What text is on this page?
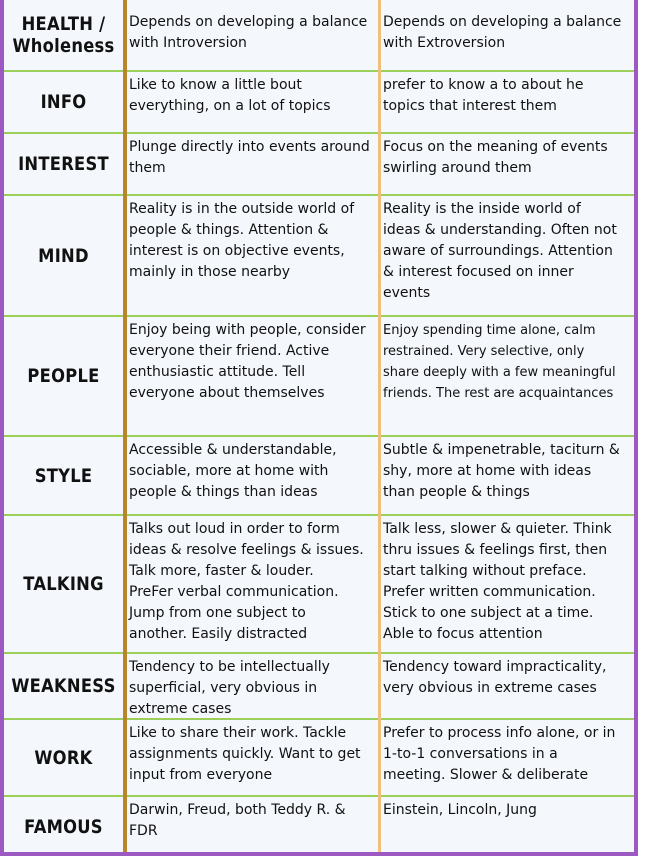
HEALTH /
Wholeness
Depends on developing a balance
with Introversion
Depends on developing a balance
with Extroversion
INFO
Like to know a little bout
everything, on a lot of topics
prefer to know a to about he
topics that interest them
INTEREST
Plunge directly into events around
them
Focus on the meaning of events
swirling around them
MIND
Reality is in the outside world of
people & things. Attention &
interest is on objective events,
mainly in those nearby
Reality is the inside world of
ideas & understanding. Often not
aware of surroundings. Attention
& interest focused on inner
events
PEOPLE
Enjoy being with people, consider
everyone their friend. Active
enthusiastic attitude. Tell
everyone about themselves
Enjoy spending time alone, calm
restrained. Very selective, only
share deeply with a few meaningful
friends. The rest are acquaintances
STYLE
Accessible & understandable,
sociable, more at home with
people & things than ideas
Subtle & impenetrable, taciturn &
shy, more at home with ideas
than people & things
TALKING
Talks out loud in order to form
ideas & resolve feelings & issues.
Talk more, faster & louder.
PreFer verbal communication.
Jump from one subject to
another. Easily distracted
Talk less, slower & quieter. Think
thru issues & feelings first, then
start talking without preface.
Prefer written communication.
Stick to one subject at a time.
Able to focus attention
WEAKNESS
Tendency to be intellectually
superficial, very obvious in
extreme cases
Tendency toward impracticality,
very obvious in extreme cases
WORK
Like to share their work. Tackle
assignments quickly. Want to get
input from everyone
Prefer to process info alone, or in
1-to-1 conversations in a
meeting. Slower & deliberate
FAMOUS
Darwin, Freud, both Teddy R. &
FDR
Einstein, Lincoln, Jung
